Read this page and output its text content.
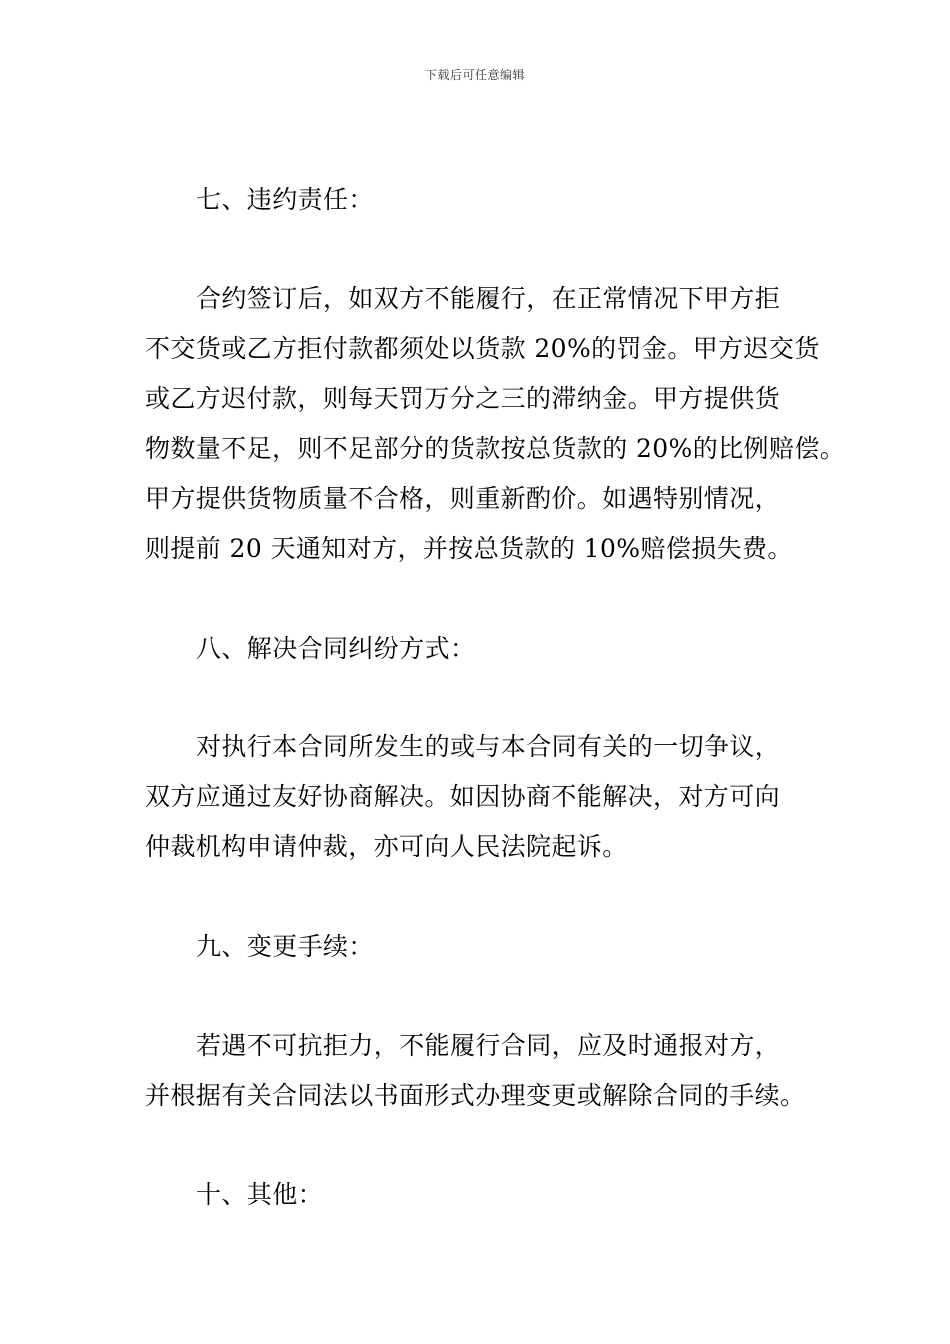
下载后可任意编辑
七、违约责任：
合约签订后，如双方不能履行，在正常情况下甲方拒
不交货或乙方拒付款都须处以货款 20%的罚金。甲方迟交货
或乙方迟付款，则每天罚万分之三的滞纳金。甲方提供货
物数量不足，则不足部分的货款按总货款的 20%的比例赔偿。
甲方提供货物质量不合格，则重新酌价。如遇特别情况，
则提前 20 天通知对方，并按总货款的 10%赔偿损失费。
八、解决合同纠纷方式：
对执行本合同所发生的或与本合同有关的一切争议，
双方应通过友好协商解决。如因协商不能解决，对方可向
仲裁机构申请仲裁，亦可向人民法院起诉。
九、变更手续：
若遇不可抗拒力，不能履行合同，应及时通报对方，
并根据有关合同法以书面形式办理变更或解除合同的手续。
十、其他：
